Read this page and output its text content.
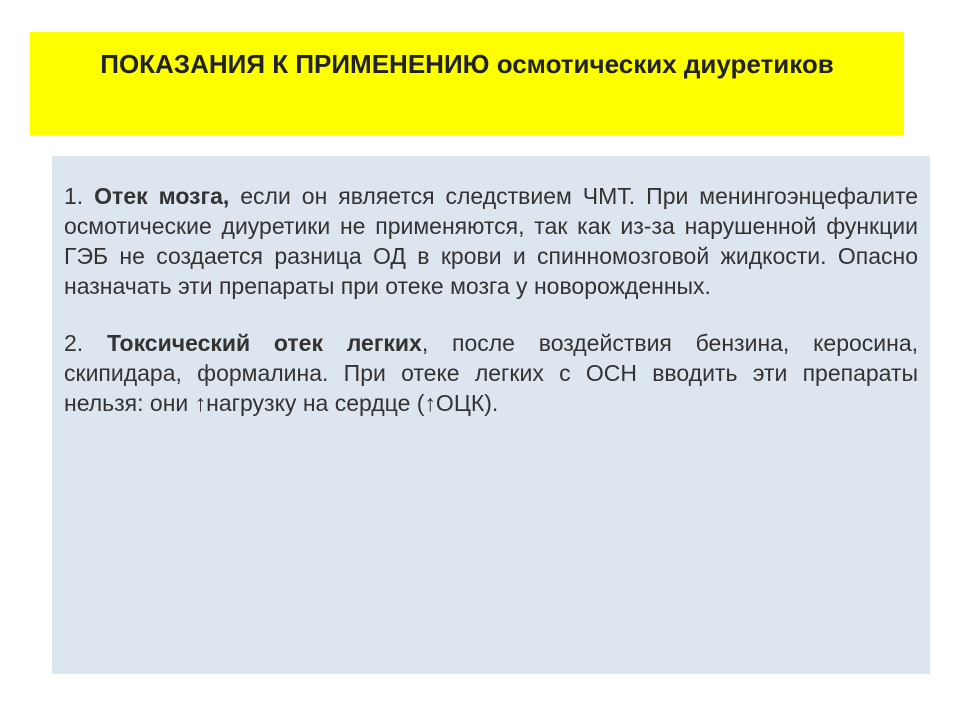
ПОКАЗАНИЯ К ПРИМЕНЕНИЮ осмотических диуретиков

1. Отек мозга, если он является следствием ЧМТ. При менингоэнцефалите осмотические диуретики не применяются, так как из-за нарушенной функции ГЭБ не создается разница ОД в крови и спинномозговой жидкости. Опасно назначать эти препараты при отеке мозга у новорожденных.

2. Токсический отек легких, после воздействия бензина, керосина, скипидара, формалина. При отеке легких с ОСН вводить эти препараты нельзя: они ↑нагрузку на сердце (↑ОЦК).
